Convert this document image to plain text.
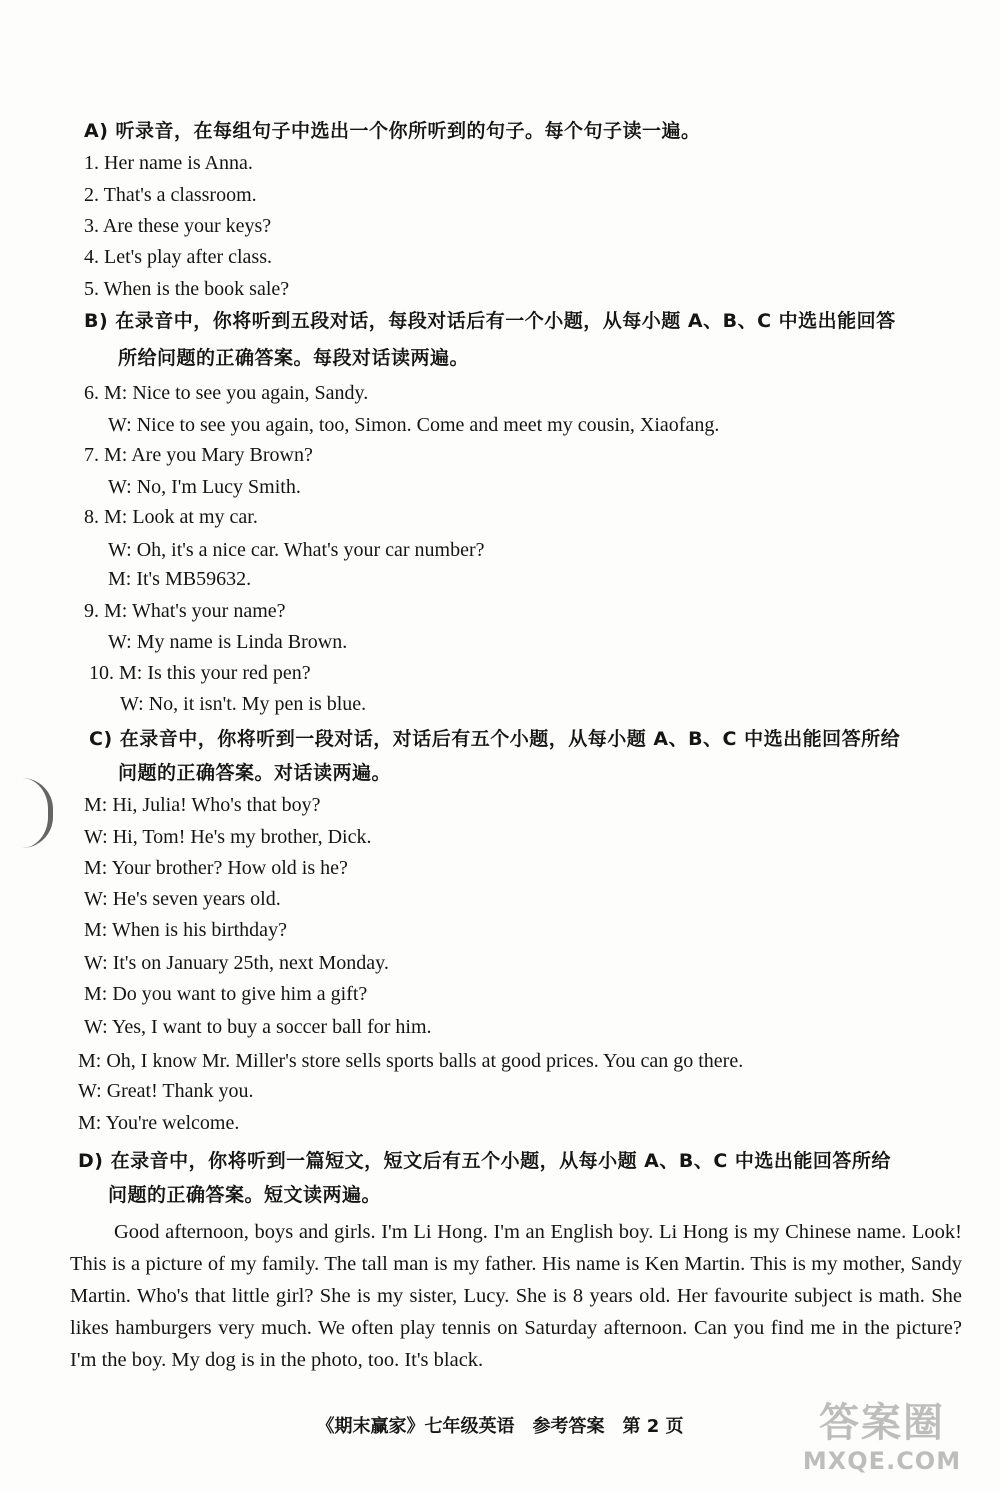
A) 听录音，在每组句子中选出一个你所听到的句子。每个句子读一遍。
1. Her name is Anna.
2. That's a classroom.
3. Are these your keys?
4. Let's play after class.
5. When is the book sale?
B) 在录音中，你将听到五段对话，每段对话后有一个小题，从每小题 A、B、C 中选出能回答
所给问题的正确答案。每段对话读两遍。
6. M: Nice to see you again, Sandy.
W: Nice to see you again, too, Simon. Come and meet my cousin, Xiaofang.
7. M: Are you Mary Brown?
W: No, I'm Lucy Smith.
8. M: Look at my car.
W: Oh, it's a nice car. What's your car number?
M: It's MB59632.
9. M: What's your name?
W: My name is Linda Brown.
10. M: Is this your red pen?
W: No, it isn't. My pen is blue.
C) 在录音中，你将听到一段对话，对话后有五个小题，从每小题 A、B、C 中选出能回答所给
问题的正确答案。对话读两遍。
M: Hi, Julia! Who's that boy?
W: Hi, Tom! He's my brother, Dick.
M: Your brother? How old is he?
W: He's seven years old.
M: When is his birthday?
W: It's on January 25th, next Monday.
M: Do you want to give him a gift?
W: Yes, I want to buy a soccer ball for him.
M: Oh, I know Mr. Miller's store sells sports balls at good prices. You can go there.
W: Great! Thank you.
M: You're welcome.
D) 在录音中，你将听到一篇短文，短文后有五个小题，从每小题 A、B、C 中选出能回答所给
问题的正确答案。短文读两遍。
Good afternoon, boys and girls. I'm Li Hong. I'm an English boy. Li Hong is my Chinese name. Look! This is a picture of my family. The tall man is my father. His name is Ken Martin. This is my mother, Sandy Martin. Who's that little girl? She is my sister, Lucy. She is 8 years old. Her favourite subject is math. She likes hamburgers very much. We often play tennis on Saturday afternoon. Can you find me in the picture? I'm the boy. My dog is in the photo, too. It's black.
《期末赢家》七年级英语　参考答案　第 2 页	答案圈
MXQE.COM
